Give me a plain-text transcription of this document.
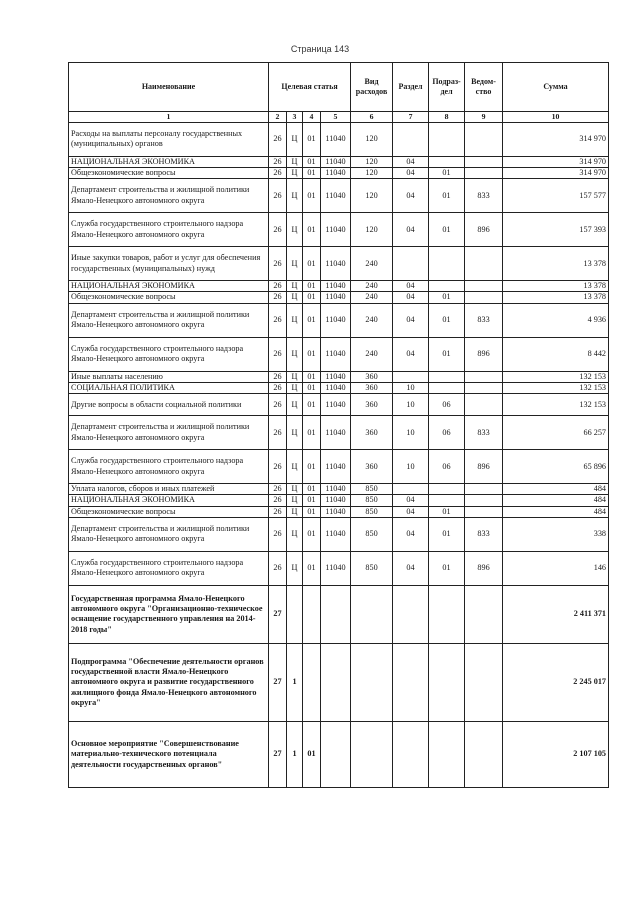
Страница 143
Наименование	Целевая статья				Вид расходов	Раздел	Подраз-дел	Ведом-ство	Сумма
1	2	3	4	5	6	7	8	9	10
Расходы на выплаты персоналу государственных (муниципальных) органов	26	Ц	01	11040	120				314 970
НАЦИОНАЛЬНАЯ ЭКОНОМИКА	26	Ц	01	11040	120	04			314 970
Общеэкономические вопросы	26	Ц	01	11040	120	04	01		314 970
Департамент строительства и жилищной политики Ямало-Ненецкого автономного округа	26	Ц	01	11040	120	04	01	833	157 577
Служба государственного строительного надзора Ямало-Ненецкого автономного округа	26	Ц	01	11040	120	04	01	896	157 393
Иные закупки товаров, работ и услуг для обеспечения государственных (муниципальных) нужд	26	Ц	01	11040	240				13 378
НАЦИОНАЛЬНАЯ ЭКОНОМИКА	26	Ц	01	11040	240	04			13 378
Общеэкономические вопросы	26	Ц	01	11040	240	04	01		13 378
Департамент строительства и жилищной политики Ямало-Ненецкого автономного округа	26	Ц	01	11040	240	04	01	833	4 936
Служба государственного строительного надзора Ямало-Ненецкого автономного округа	26	Ц	01	11040	240	04	01	896	8 442
Иные выплаты населению	26	Ц	01	11040	360				132 153
СОЦИАЛЬНАЯ ПОЛИТИКА	26	Ц	01	11040	360	10			132 153
Другие вопросы в области социальной политики	26	Ц	01	11040	360	10	06		132 153
Департамент строительства и жилищной политики Ямало-Ненецкого автономного округа	26	Ц	01	11040	360	10	06	833	66 257
Служба государственного строительного надзора Ямало-Ненецкого автономного округа	26	Ц	01	11040	360	10	06	896	65 896
Уплата налогов, сборов и иных платежей	26	Ц	01	11040	850				484
НАЦИОНАЛЬНАЯ ЭКОНОМИКА	26	Ц	01	11040	850	04			484
Общеэкономические вопросы	26	Ц	01	11040	850	04	01		484
Департамент строительства и жилищной политики Ямало-Ненецкого автономного округа	26	Ц	01	11040	850	04	01	833	338
Служба государственного строительного надзора Ямало-Ненецкого автономного округа	26	Ц	01	11040	850	04	01	896	146
Государственная программа Ямало-Ненецкого автономного округа "Организационно-техническое оснащение государственного управления на 2014-2018 годы"	27								2 411 371
Подпрограмма "Обеспечение деятельности органов государственной власти Ямало-Ненецкого автономного округа и развитие государственного жилищного фонда Ямало-Ненецкого автономного округа"	27	1							2 245 017
Основное мероприятие "Совершенствование материально-технического потенциала деятельности государственных органов"	27	1	01						2 107 105
